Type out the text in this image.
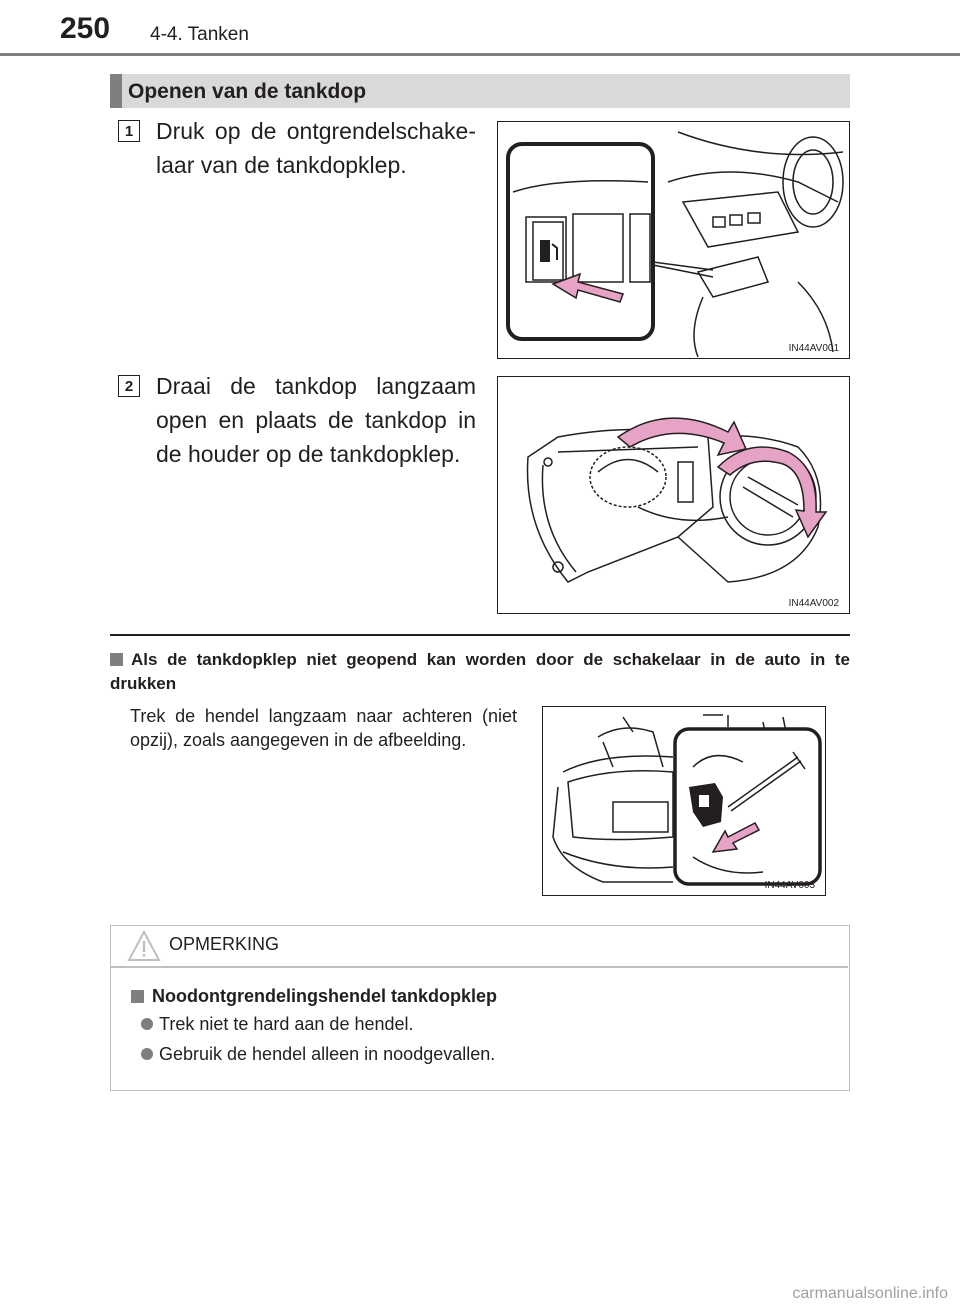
250 4-4. Tanken
Openen van de tankdop
1 Druk op de ontgrendelschake-laar van de tankdopklep.
IN44AV001
2 Draai de tankdop langzaam open en plaats de tankdop in de houder op de tankdopklep.
IN44AV002
Als de tankdopklep niet geopend kan worden door de schakelaar in de auto in te drukken
Trek de hendel langzaam naar achteren (niet opzij), zoals aangegeven in de afbeelding.
IN44AV003
OPMERKING
Noodontgrendelingshendel tankdopklep
Trek niet te hard aan de hendel.
Gebruik de hendel alleen in noodgevallen.
carmanualsonline.info
